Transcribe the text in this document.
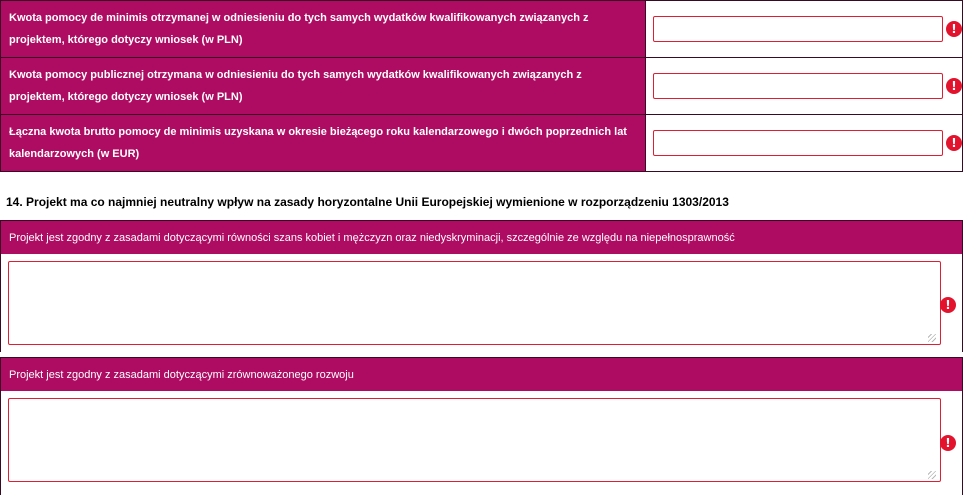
Kwota pomocy de minimis otrzymanej w odniesieniu do tych samych wydatków kwalifikowanych związanych z projektem, którego dotyczy wniosek (w PLN)	!

Kwota pomocy publicznej otrzymana w odniesieniu do tych samych wydatków kwalifikowanych związanych z projektem, którego dotyczy wniosek (w PLN)	!

Łączna kwota brutto pomocy de minimis uzyskana w okresie bieżącego roku kalendarzowego i dwóch poprzednich lat kalendarzowych (w EUR)	!
14. Projekt ma co najmniej neutralny wpływ na zasady horyzontalne Unii Europejskiej wymienione w rozporządzeniu 1303/2013
Projekt jest zgodny z zasadami dotyczącymi równości szans kobiet i mężczyzn oraz niedyskryminacji, szczególnie ze względu na niepełnosprawność
!
Projekt jest zgodny z zasadami dotyczącymi zrównoważonego rozwoju
!
